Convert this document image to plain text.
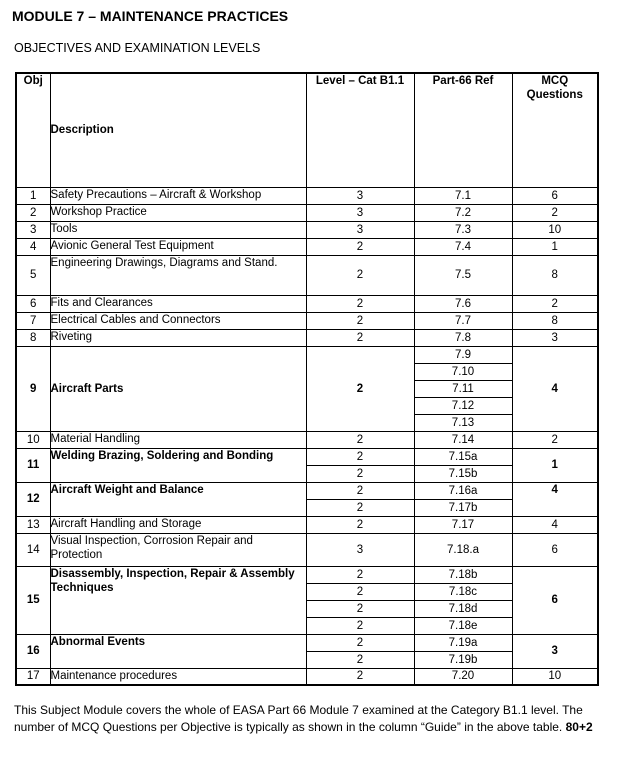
MODULE 7 – MAINTENANCE PRACTICES
OBJECTIVES AND EXAMINATION LEVELS
Obj	Description	Level – Cat B1.1	Part-66 Ref	MCQ Questions
1	Safety Precautions – Aircraft & Workshop	3	7.1	6
2	Workshop Practice	3	7.2	2
3	Tools	3	7.3	10
4	Avionic General Test Equipment	2	7.4	1
5	Engineering Drawings, Diagrams and Stand.	2	7.5	8
6	Fits and Clearances	2	7.6	2
7	Electrical Cables and Connectors	2	7.7	8
8	Riveting	2	7.8	3
9	Aircraft Parts	2	7.9	4
			7.10	
			7.11	
			7.12	
			7.13	
10	Material Handling	2	7.14	2
11	Welding Brazing, Soldering and Bonding	2	7.15a	1
		2	7.15b	
12	Aircraft Weight and Balance	2	7.16a	4
		2	7.17b	
13	Aircraft Handling and Storage	2	7.17	4
14	Visual Inspection, Corrosion Repair and Protection	3	7.18.a	6
15	Disassembly, Inspection, Repair & Assembly Techniques	2	7.18b	6
		2	7.18c	
		2	7.18d	
		2	7.18e	
16	Abnormal Events	2	7.19a	3
		2	7.19b	
17	Maintenance procedures	2	7.20	10
This Subject Module covers the whole of EASA Part 66 Module 7 examined at the Category B1.1 level. The number of MCQ Questions per Objective is typically as shown in the column “Guide” in the above table. 80+2
